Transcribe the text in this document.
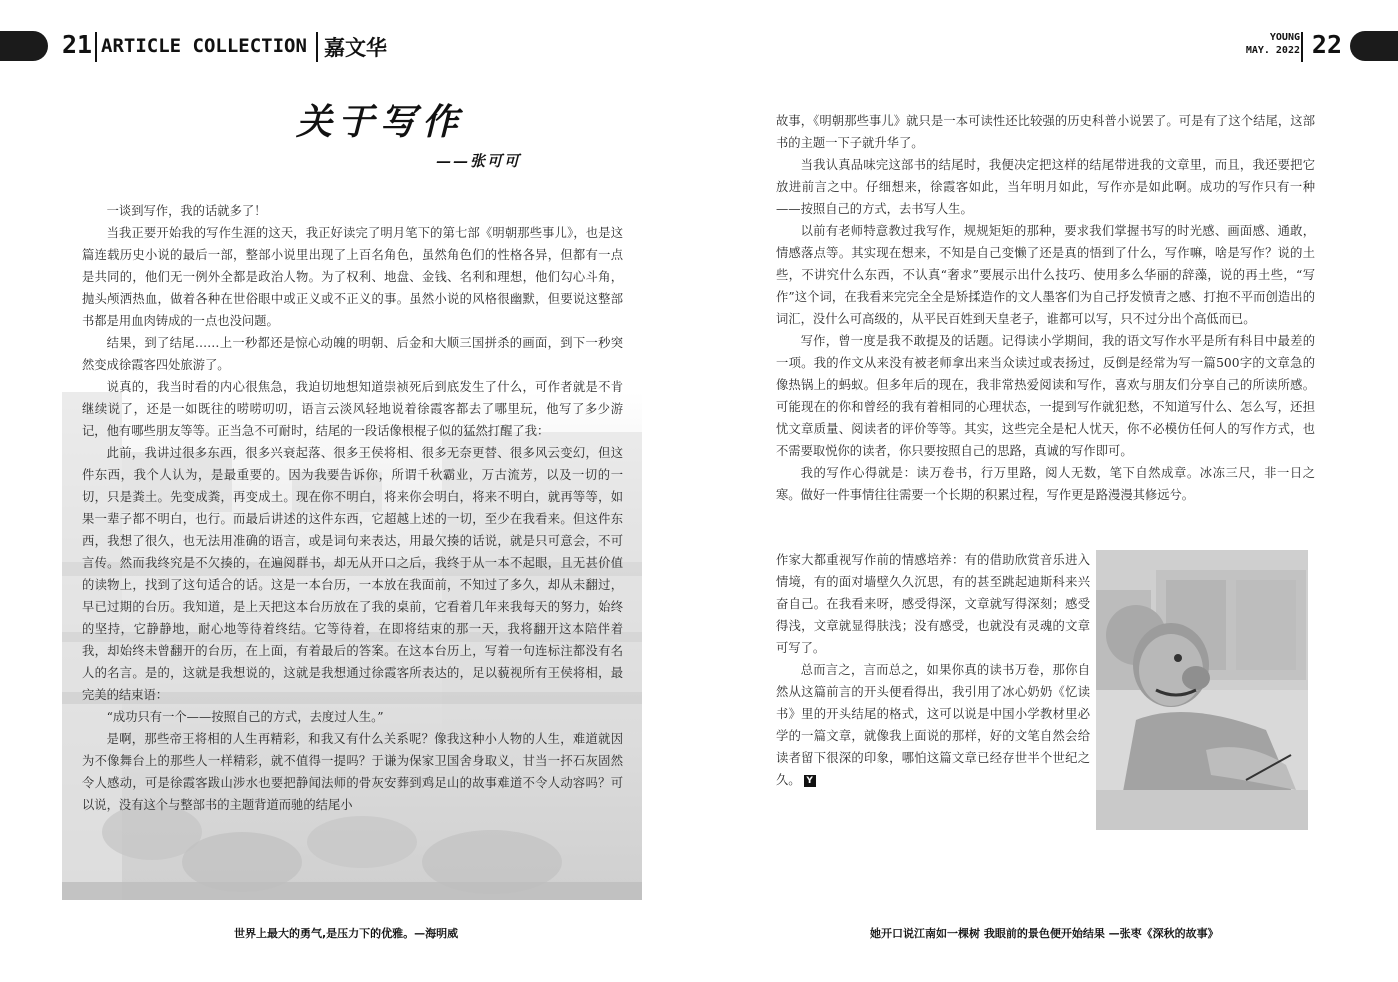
21 ARTICLE COLLECTION 嘉文华	YOUNG
MAY. 2022 22
关于写作
——张可可

一谈到写作，我的话就多了！

当我正要开始我的写作生涯的这天，我正好读完了明月笔下的第七部《明朝那些事儿》，也是这篇连载历史小说的最后一部，整部小说里出现了上百名角色，虽然角色们的性格各异，但都有一点是共同的，他们无一例外全都是政治人物。为了权利、地盘、金钱、名利和理想，他们勾心斗角，抛头颅洒热血，做着各种在世俗眼中或正义或不正义的事。虽然小说的风格很幽默，但要说这整部书都是用血肉铸成的一点也没问题。

结果，到了结尾……上一秒都还是惊心动魄的明朝、后金和大顺三国拼杀的画面，到下一秒突然变成徐霞客四处旅游了。

说真的，我当时看的内心很焦急，我迫切地想知道崇祯死后到底发生了什么，可作者就是不肯继续说了，还是一如既往的唠唠叨叨，语言云淡风轻地说着徐霞客都去了哪里玩，他写了多少游记，他有哪些朋友等等。正当急不可耐时，结尾的一段话像根棍子似的猛然打醒了我：

此前，我讲过很多东西，很多兴衰起落、很多王侯将相、很多无奈更替、很多风云变幻，但这件东西，我个人认为，是最重要的。因为我要告诉你，所谓千秋霸业，万古流芳，以及一切的一切，只是粪土。先变成粪，再变成土。现在你不明白，将来你会明白，将来不明白，就再等等，如果一辈子都不明白，也行。而最后讲述的这件东西，它超越上述的一切，至少在我看来。但这件东西，我想了很久，也无法用准确的语言，或是词句来表达，用最欠揍的话说，就是只可意会，不可言传。然而我终究是不欠揍的，在遍阅群书，却无从开口之后，我终于从一本不起眼，且无甚价值的读物上，找到了这句适合的话。这是一本台历，一本放在我面前，不知过了多久，却从未翻过，早已过期的台历。我知道，是上天把这本台历放在了我的桌前，它看着几年来我每天的努力，始终的坚持，它静静地，耐心地等待着终结。它等待着，在即将结束的那一天，我将翻开这本陪伴着我，却始终未曾翻开的台历，在上面，有着最后的答案。在这本台历上，写着一句连标注都没有名人的名言。是的，这就是我想说的，这就是我想通过徐霞客所表达的，足以藐视所有王侯将相，最完美的结束语：

“成功只有一个——按照自己的方式，去度过人生。”

是啊，那些帝王将相的人生再精彩，和我又有什么关系呢？像我这种小人物的人生，难道就因为不像舞台上的那些人一样精彩，就不值得一提吗？于谦为保家卫国舍身取义，甘当一抔石灰固然令人感动，可是徐霞客跋山涉水也要把静闻法师的骨灰安葬到鸡足山的故事难道不令人动容吗？可以说，没有这个与整部书的主题背道而驰的结尾小

故事，《明朝那些事儿》就只是一本可读性还比较强的历史科普小说罢了。可是有了这个结尾，这部书的主题一下子就升华了。

当我认真品味完这部书的结尾时，我便决定把这样的结尾带进我的文章里，而且，我还要把它放进前言之中。仔细想来，徐霞客如此，当年明月如此，写作亦是如此啊。成功的写作只有一种——按照自己的方式，去书写人生。

以前有老师特意教过我写作，规规矩矩的那种，要求我们掌握书写的时光感、画面感、通敢，情感落点等。其实现在想来，不知是自己变懒了还是真的悟到了什么，写作嘛，啥是写作？说的土些，不讲究什么东西，不认真“奢求”要展示出什么技巧、使用多么华丽的辞藻，说的再土些，“写作”这个词，在我看来完完全全是矫揉造作的文人墨客们为自己抒发愤青之感、打抱不平而创造出的词汇，没什么可高级的，从平民百姓到天皇老子，谁都可以写，只不过分出个高低而已。

写作，曾一度是我不敢提及的话题。记得读小学期间，我的语文写作水平是所有科目中最差的一项。我的作文从来没有被老师拿出来当众读过或表扬过，反倒是经常为写一篇500字的文章急的像热锅上的蚂蚁。但多年后的现在，我非常热爱阅读和写作，喜欢与朋友们分享自己的所读所感。可能现在的你和曾经的我有着相同的心理状态，一提到写作就犯愁，不知道写什么、怎么写，还担忧文章质量、阅读者的评价等等。其实，这些完全是杞人忧天，你不必模仿任何人的写作方式，也不需要取悦你的读者，你只要按照自己的思路，真诚的写作即可。

我的写作心得就是：读万卷书，行万里路，阅人无数，笔下自然成章。冰冻三尺，非一日之寒。做好一件事情往往需要一个长期的积累过程，写作更是路漫漫其修远兮。

作家大都重视写作前的情感培养：有的借助欣赏音乐进入情境，有的面对墙壁久久沉思，有的甚至跳起迪斯科来兴奋自己。在我看来呀，感受得深，文章就写得深刻；感受得浅，文章就显得肤浅；没有感受，也就没有灵魂的文章可写了。

总而言之，言而总之，如果你真的读书万卷，那你自然从这篇前言的开头便看得出，我引用了冰心奶奶《忆读书》里的开头结尾的格式，这可以说是中国小学教材里必学的一篇文章，就像我上面说的那样，好的文笔自然会给读者留下很深的印象，哪怕这篇文章已经存世半个世纪之久。 Y

世界上最大的勇气,是压力下的优雅。—海明威	她开口说江南如一棵树 我眼前的景色便开始结果 —张枣《深秋的故事》
